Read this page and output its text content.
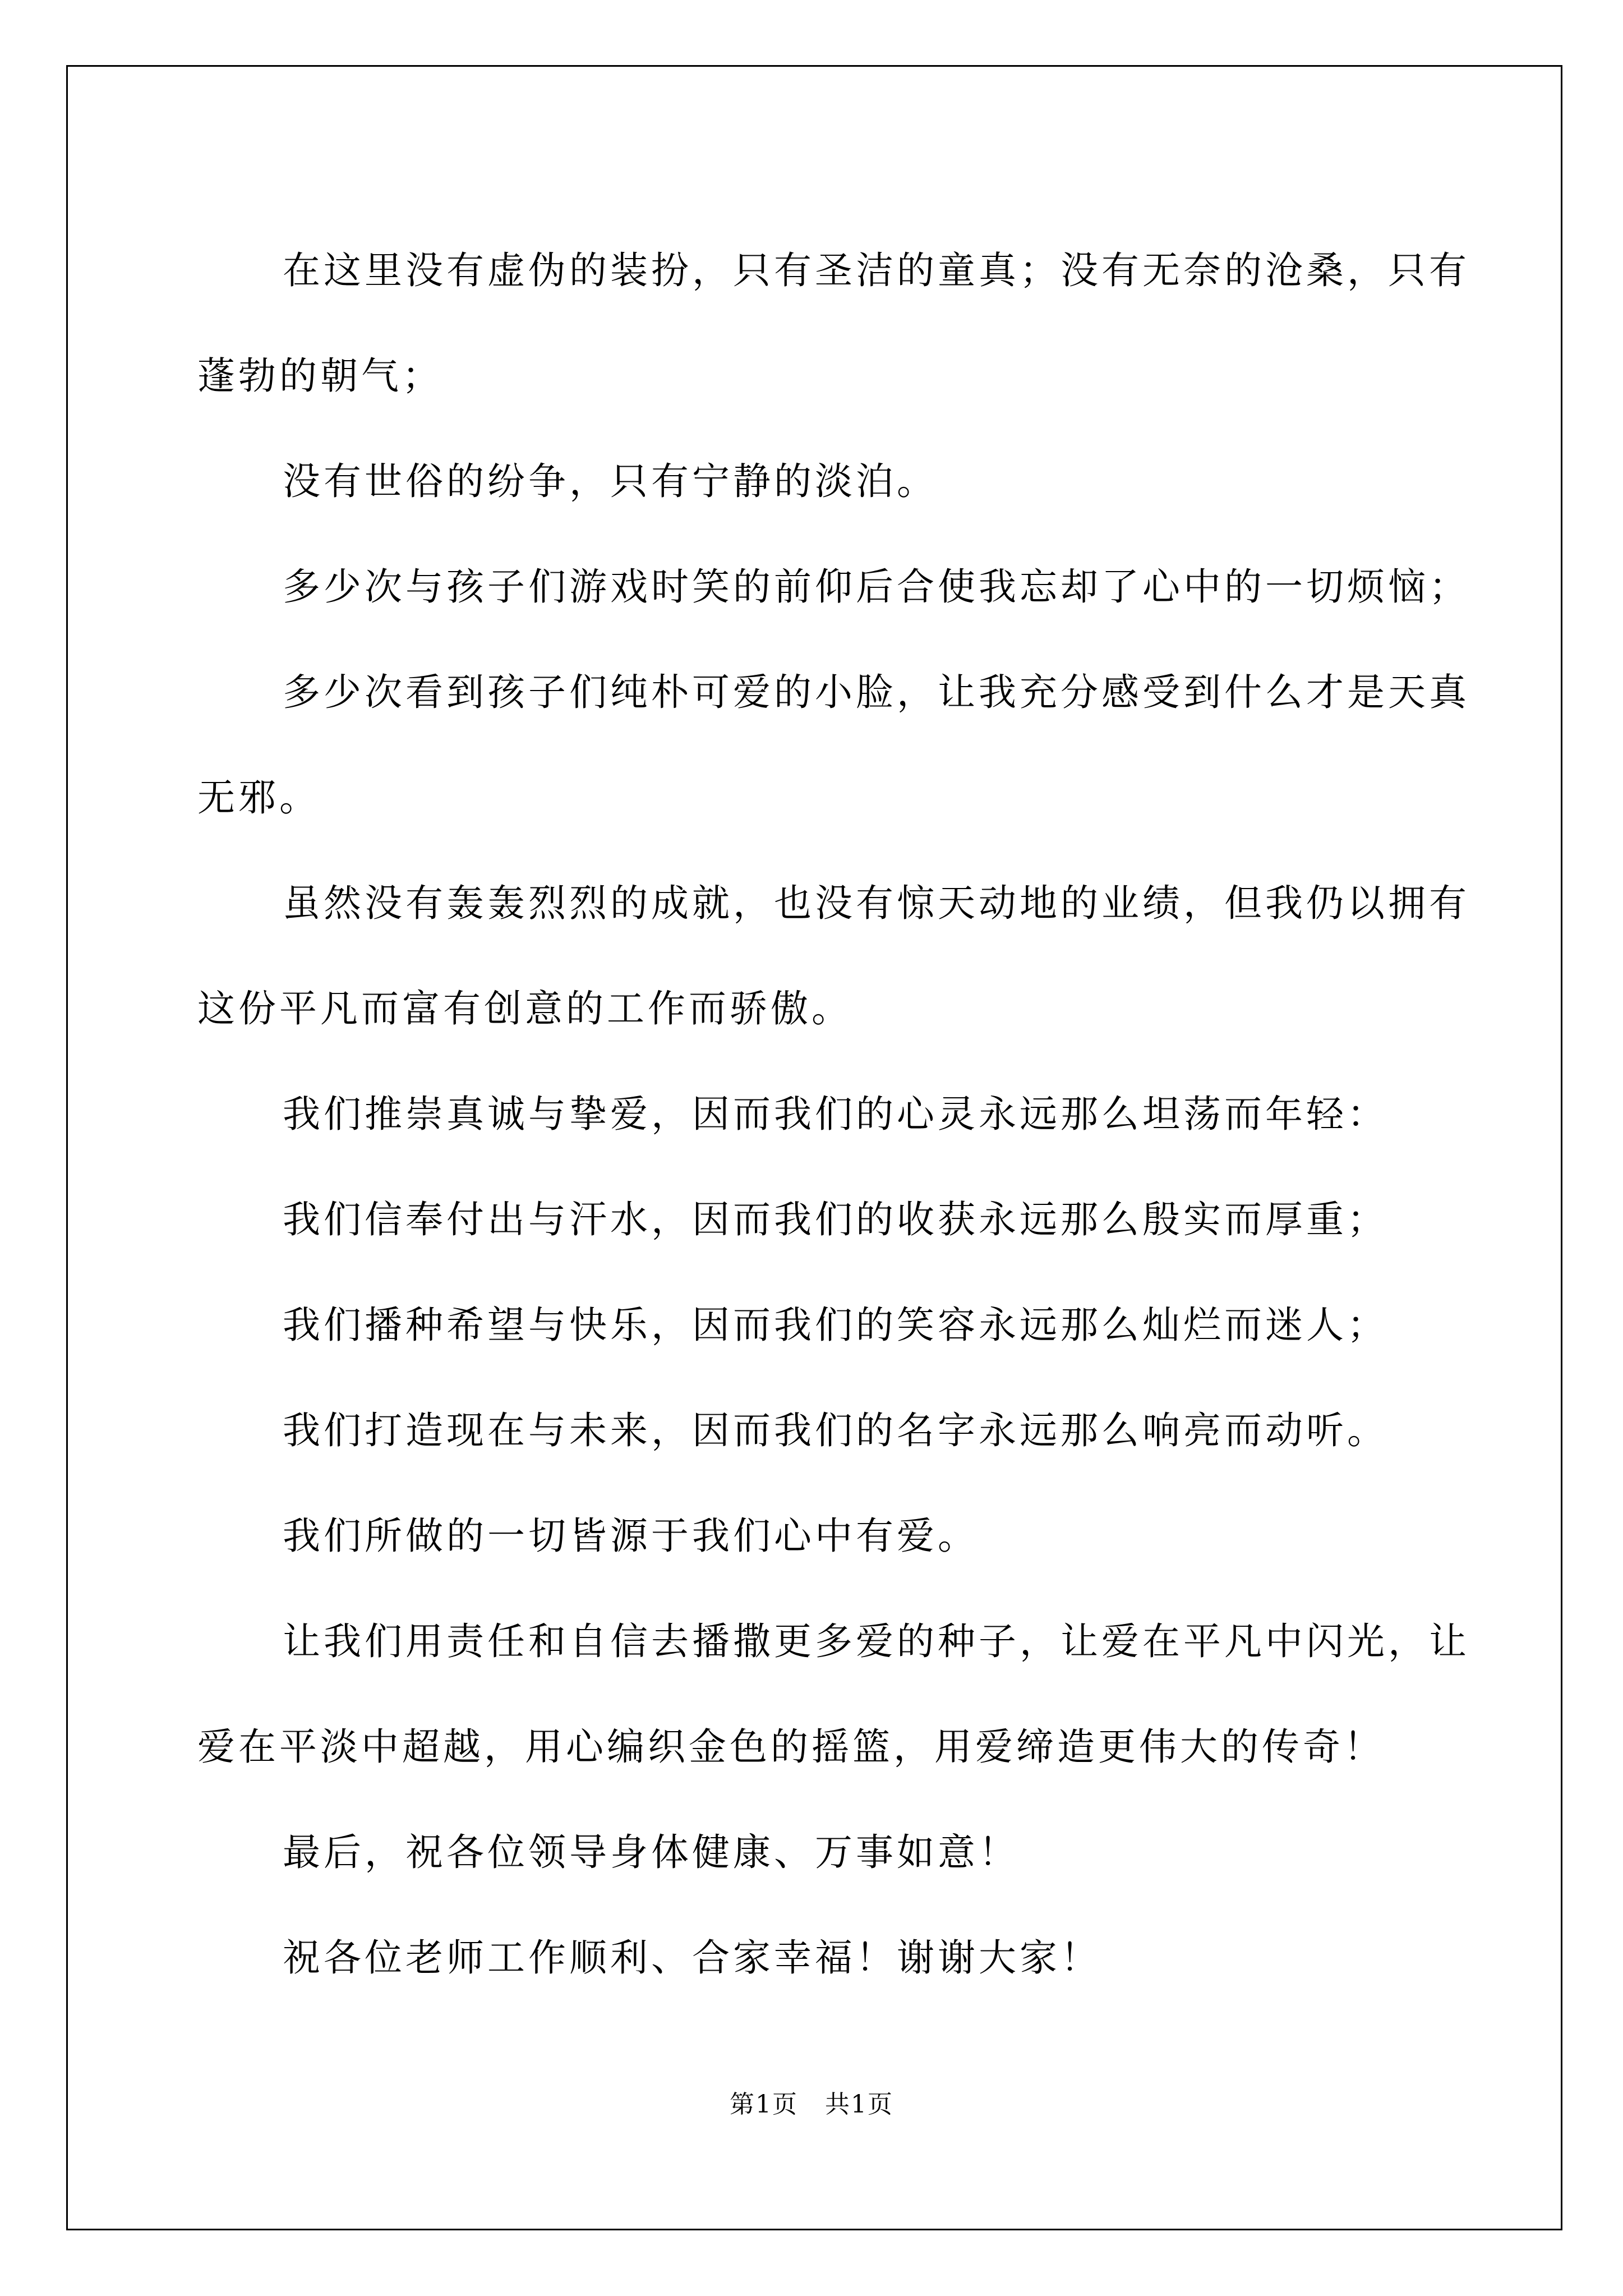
在这里没有虚伪的装扮，只有圣洁的童真；没有无奈的沧桑，只有蓬勃的朝气；

没有世俗的纷争，只有宁静的淡泊。

多少次与孩子们游戏时笑的前仰后合使我忘却了心中的一切烦恼；

多少次看到孩子们纯朴可爱的小脸，让我充分感受到什么才是天真无邪。

虽然没有轰轰烈烈的成就，也没有惊天动地的业绩，但我仍以拥有这份平凡而富有创意的工作而骄傲。

我们推崇真诚与挚爱，因而我们的心灵永远那么坦荡而年轻：

我们信奉付出与汗水，因而我们的收获永远那么殷实而厚重；

我们播种希望与快乐，因而我们的笑容永远那么灿烂而迷人；

我们打造现在与未来，因而我们的名字永远那么响亮而动听。

我们所做的一切皆源于我们心中有爱。

让我们用责任和自信去播撒更多爱的种子，让爱在平凡中闪光，让爱在平淡中超越，用心编织金色的摇篮，用爱缔造更伟大的传奇！

最后，祝各位领导身体健康、万事如意！

祝各位老师工作顺利、合家幸福！谢谢大家！

第1页 共1页
